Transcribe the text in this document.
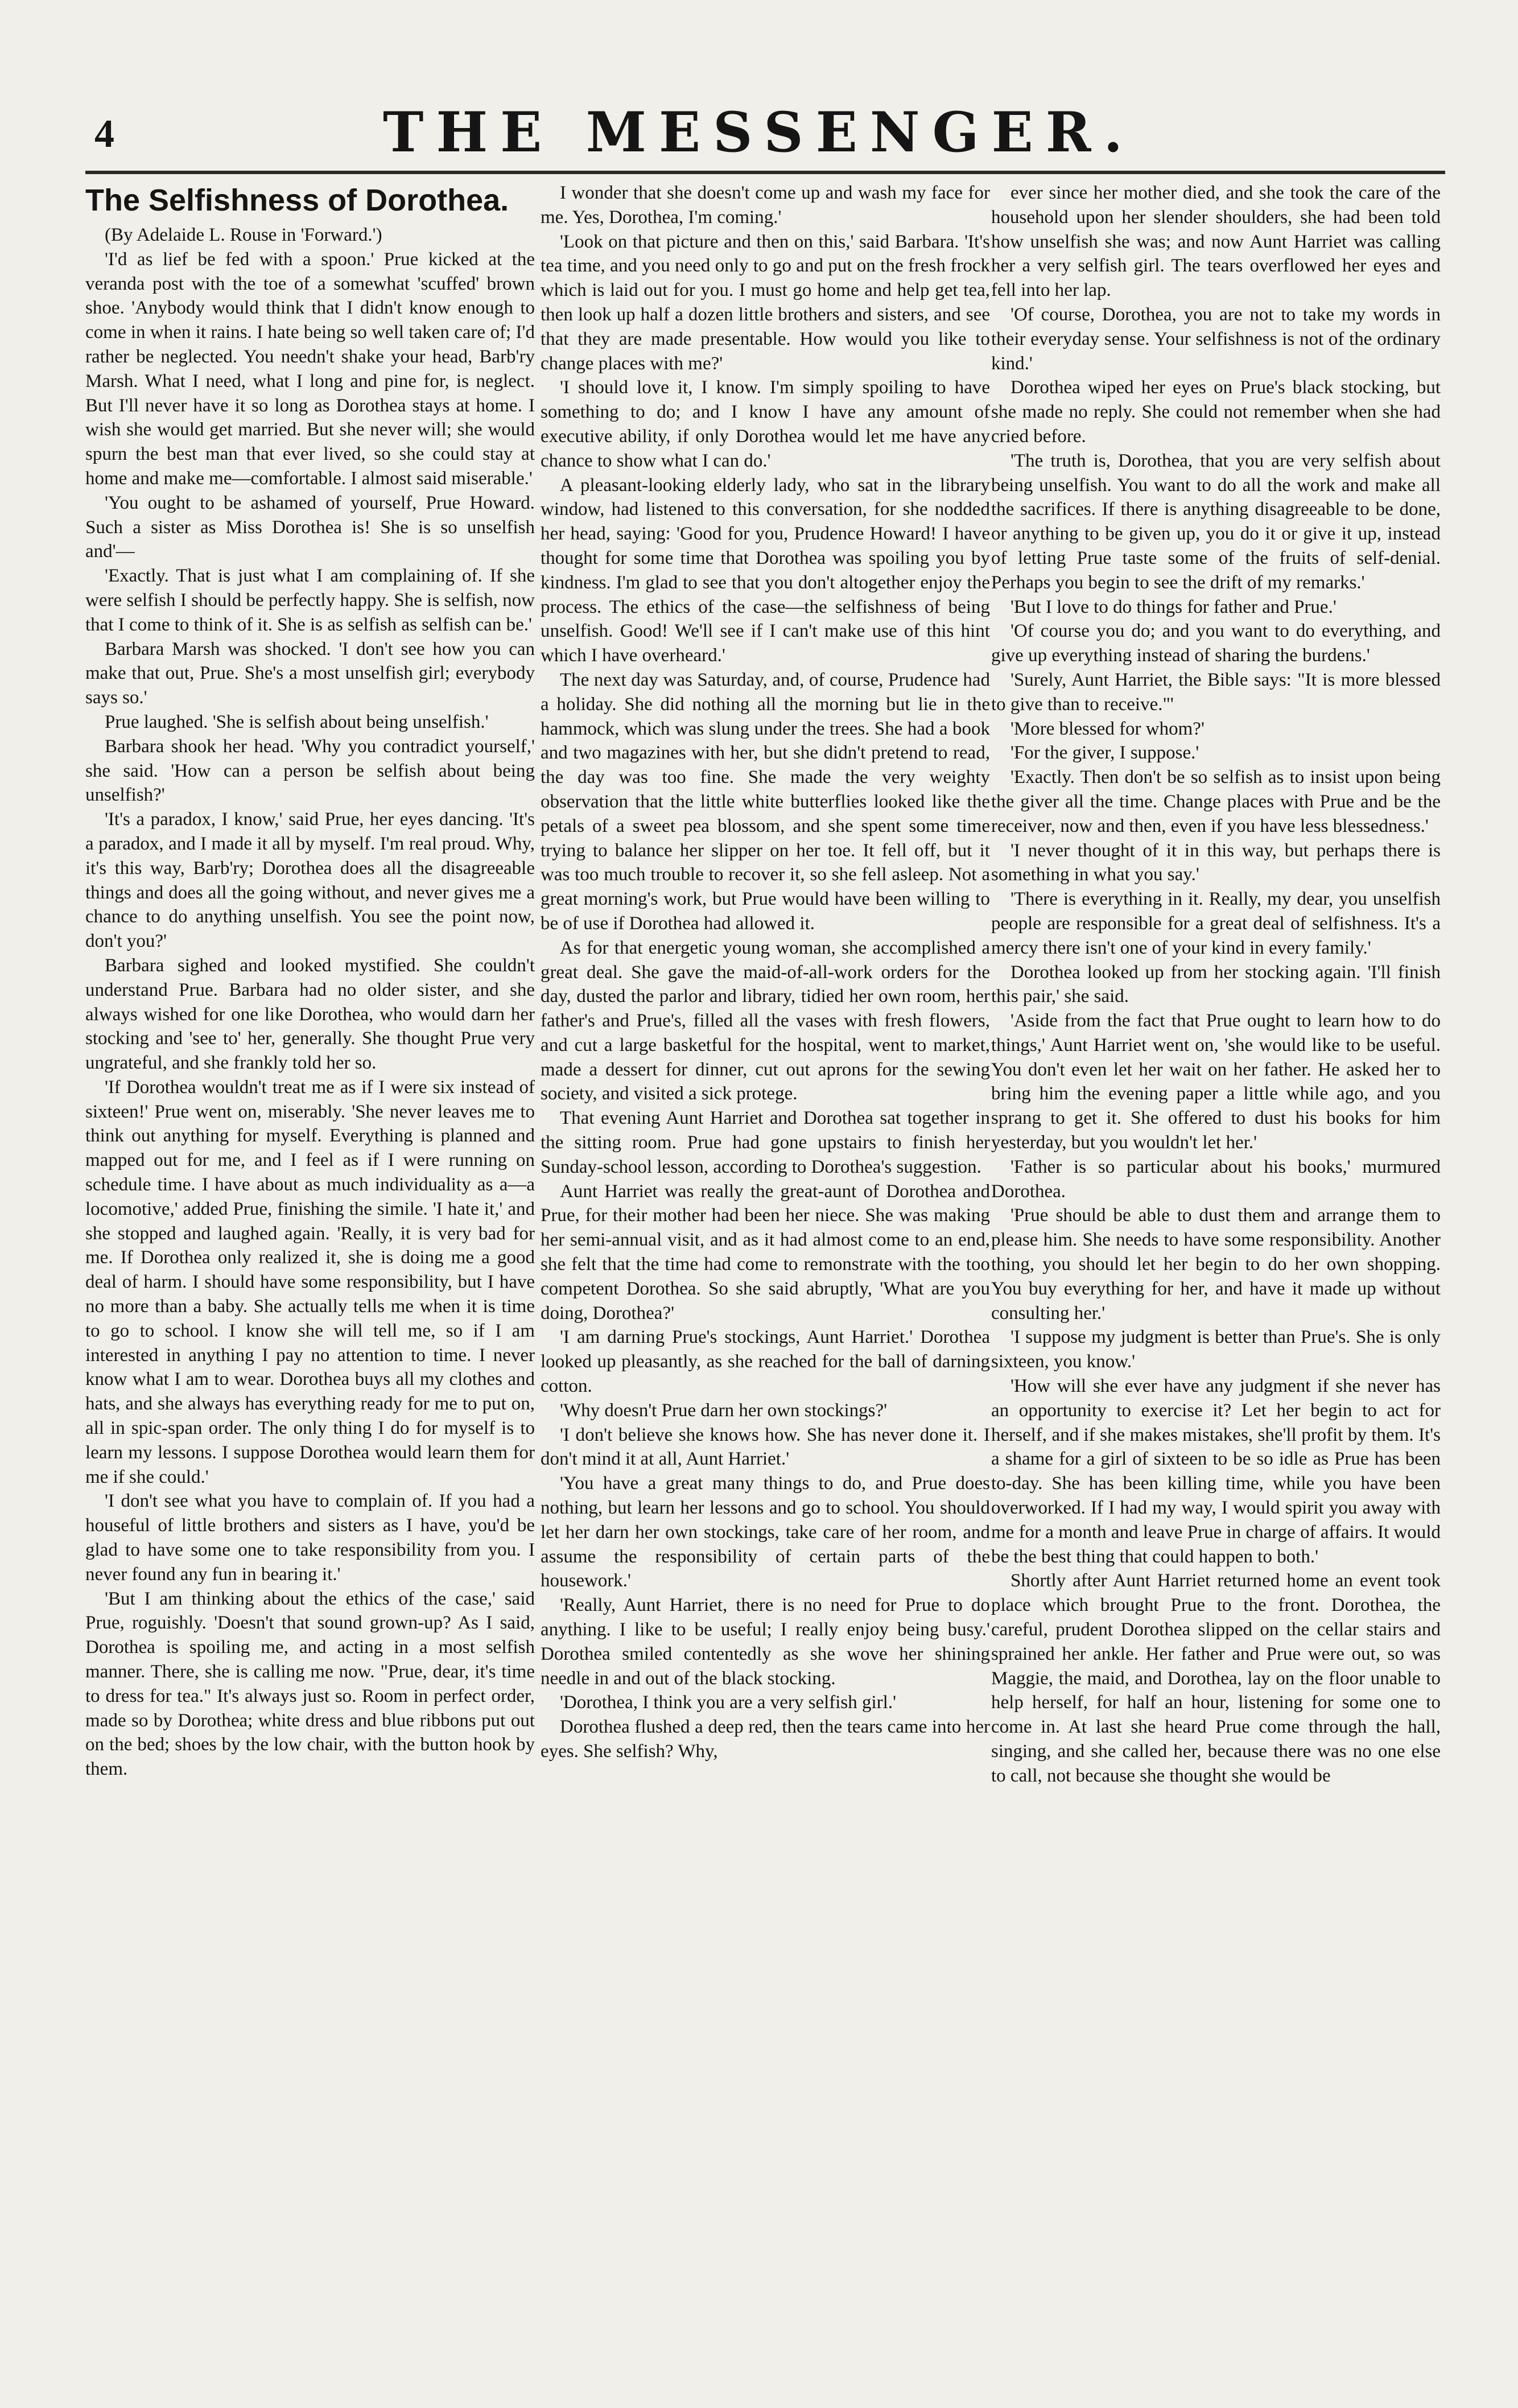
4	THE MESSENGER.
The Selfishness of Dorothea.

(By Adelaide L. Rouse in 'Forward.')

'I'd as lief be fed with a spoon.' Prue kicked at the veranda post with the toe of a somewhat 'scuffed' brown shoe. 'Anybody would think that I didn't know enough to come in when it rains. I hate being so well taken care of; I'd rather be neglected. You needn't shake your head, Barb'ry Marsh. What I need, what I long and pine for, is neglect. But I'll never have it so long as Dorothea stays at home. I wish she would get married. But she never will; she would spurn the best man that ever lived, so she could stay at home and make me—comfortable. I almost said miserable.'

'You ought to be ashamed of yourself, Prue Howard. Such a sister as Miss Dorothea is! She is so unselfish and'—

'Exactly. That is just what I am complaining of. If she were selfish I should be perfectly happy. She is selfish, now that I come to think of it. She is as selfish as selfish can be.'

Barbara Marsh was shocked. 'I don't see how you can make that out, Prue. She's a most unselfish girl; everybody says so.'

Prue laughed. 'She is selfish about being unselfish.'

Barbara shook her head. 'Why you contradict yourself,' she said. 'How can a person be selfish about being unselfish?'

'It's a paradox, I know,' said Prue, her eyes dancing. 'It's a paradox, and I made it all by myself. I'm real proud. Why, it's this way, Barb'ry; Dorothea does all the disagreeable things and does all the going without, and never gives me a chance to do anything unselfish. You see the point now, don't you?'

Barbara sighed and looked mystified. She couldn't understand Prue. Barbara had no older sister, and she always wished for one like Dorothea, who would darn her stocking and 'see to' her, generally. She thought Prue very ungrateful, and she frankly told her so.

'If Dorothea wouldn't treat me as if I were six instead of sixteen!' Prue went on, miserably. 'She never leaves me to think out anything for myself. Everything is planned and mapped out for me, and I feel as if I were running on schedule time. I have about as much individuality as a—a locomotive,' added Prue, finishing the simile. 'I hate it,' and she stopped and laughed again. 'Really, it is very bad for me. If Dorothea only realized it, she is doing me a good deal of harm. I should have some responsibility, but I have no more than a baby. She actually tells me when it is time to go to school. I know she will tell me, so if I am interested in anything I pay no attention to time. I never know what I am to wear. Dorothea buys all my clothes and hats, and she always has everything ready for me to put on, all in spic-span order. The only thing I do for myself is to learn my lessons. I suppose Dorothea would learn them for me if she could.'

'I don't see what you have to complain of. If you had a houseful of little brothers and sisters as I have, you'd be glad to have some one to take responsibility from you. I never found any fun in bearing it.'

'But I am thinking about the ethics of the case,' said Prue, roguishly. 'Doesn't that sound grown-up? As I said, Dorothea is spoiling me, and acting in a most selfish manner. There, she is calling me now. "Prue, dear, it's time to dress for tea." It's always just so. Room in perfect order, made so by Dorothea; white dress and blue ribbons put out on the bed; shoes by the low chair, with the button hook by them.

I wonder that she doesn't come up and wash my face for me. Yes, Dorothea, I'm coming.'

'Look on that picture and then on this,' said Barbara. 'It's tea time, and you need only to go and put on the fresh frock which is laid out for you. I must go home and help get tea, then look up half a dozen little brothers and sisters, and see that they are made presentable. How would you like to change places with me?'

'I should love it, I know. I'm simply spoiling to have something to do; and I know I have any amount of executive ability, if only Dorothea would let me have any chance to show what I can do.'

A pleasant-looking elderly lady, who sat in the library window, had listened to this conversation, for she nodded her head, saying: 'Good for you, Prudence Howard! I have thought for some time that Dorothea was spoiling you by kindness. I'm glad to see that you don't altogether enjoy the process. The ethics of the case—the selfishness of being unselfish. Good! We'll see if I can't make use of this hint which I have overheard.'

The next day was Saturday, and, of course, Prudence had a holiday. She did nothing all the morning but lie in the hammock, which was slung under the trees. She had a book and two magazines with her, but she didn't pretend to read, the day was too fine. She made the very weighty observation that the little white butterflies looked like the petals of a sweet pea blossom, and she spent some time trying to balance her slipper on her toe. It fell off, but it was too much trouble to recover it, so she fell asleep. Not a great morning's work, but Prue would have been willing to be of use if Dorothea had allowed it.

As for that energetic young woman, she accomplished a great deal. She gave the maid-of-all-work orders for the day, dusted the parlor and library, tidied her own room, her father's and Prue's, filled all the vases with fresh flowers, and cut a large basketful for the hospital, went to market, made a dessert for dinner, cut out aprons for the sewing society, and visited a sick protege.

That evening Aunt Harriet and Dorothea sat together in the sitting room. Prue had gone upstairs to finish her Sunday-school lesson, according to Dorothea's suggestion.

Aunt Harriet was really the great-aunt of Dorothea and Prue, for their mother had been her niece. She was making her semi-annual visit, and as it had almost come to an end, she felt that the time had come to remonstrate with the too competent Dorothea. So she said abruptly, 'What are you doing, Dorothea?'

'I am darning Prue's stockings, Aunt Harriet.' Dorothea looked up pleasantly, as she reached for the ball of darning cotton.

'Why doesn't Prue darn her own stockings?'

'I don't believe she knows how. She has never done it. I don't mind it at all, Aunt Harriet.'

'You have a great many things to do, and Prue does nothing, but learn her lessons and go to school. You should let her darn her own stockings, take care of her room, and assume the responsibility of certain parts of the housework.'

'Really, Aunt Harriet, there is no need for Prue to do anything. I like to be useful; I really enjoy being busy.' Dorothea smiled contentedly as she wove her shining needle in and out of the black stocking.

'Dorothea, I think you are a very selfish girl.'

Dorothea flushed a deep red, then the tears came into her eyes. She selfish? Why,

ever since her mother died, and she took the care of the household upon her slender shoulders, she had been told how unselfish she was; and now Aunt Harriet was calling her a very selfish girl. The tears overflowed her eyes and fell into her lap.

'Of course, Dorothea, you are not to take my words in their everyday sense. Your selfishness is not of the ordinary kind.'

Dorothea wiped her eyes on Prue's black stocking, but she made no reply. She could not remember when she had cried before.

'The truth is, Dorothea, that you are very selfish about being unselfish. You want to do all the work and make all the sacrifices. If there is anything disagreeable to be done, or anything to be given up, you do it or give it up, instead of letting Prue taste some of the fruits of self-denial. Perhaps you begin to see the drift of my remarks.'

'But I love to do things for father and Prue.'

'Of course you do; and you want to do everything, and give up everything instead of sharing the burdens.'

'Surely, Aunt Harriet, the Bible says: "It is more blessed to give than to receive."'

'More blessed for whom?'

'For the giver, I suppose.'

'Exactly. Then don't be so selfish as to insist upon being the giver all the time. Change places with Prue and be the receiver, now and then, even if you have less blessedness.'

'I never thought of it in this way, but perhaps there is something in what you say.'

'There is everything in it. Really, my dear, you unselfish people are responsible for a great deal of selfishness. It's a mercy there isn't one of your kind in every family.'

Dorothea looked up from her stocking again. 'I'll finish this pair,' she said.

'Aside from the fact that Prue ought to learn how to do things,' Aunt Harriet went on, 'she would like to be useful. You don't even let her wait on her father. He asked her to bring him the evening paper a little while ago, and you sprang to get it. She offered to dust his books for him yesterday, but you wouldn't let her.'

'Father is so particular about his books,' murmured Dorothea.

'Prue should be able to dust them and arrange them to please him. She needs to have some responsibility. Another thing, you should let her begin to do her own shopping. You buy everything for her, and have it made up without consulting her.'

'I suppose my judgment is better than Prue's. She is only sixteen, you know.'

'How will she ever have any judgment if she never has an opportunity to exercise it? Let her begin to act for herself, and if she makes mistakes, she'll profit by them. It's a shame for a girl of sixteen to be so idle as Prue has been to-day. She has been killing time, while you have been overworked. If I had my way, I would spirit you away with me for a month and leave Prue in charge of affairs. It would be the best thing that could happen to both.'

Shortly after Aunt Harriet returned home an event took place which brought Prue to the front. Dorothea, the careful, prudent Dorothea slipped on the cellar stairs and sprained her ankle. Her father and Prue were out, so was Maggie, the maid, and Dorothea, lay on the floor unable to help herself, for half an hour, listening for some one to come in. At last she heard Prue come through the hall, singing, and she called her, because there was no one else to call, not because she thought she would be
